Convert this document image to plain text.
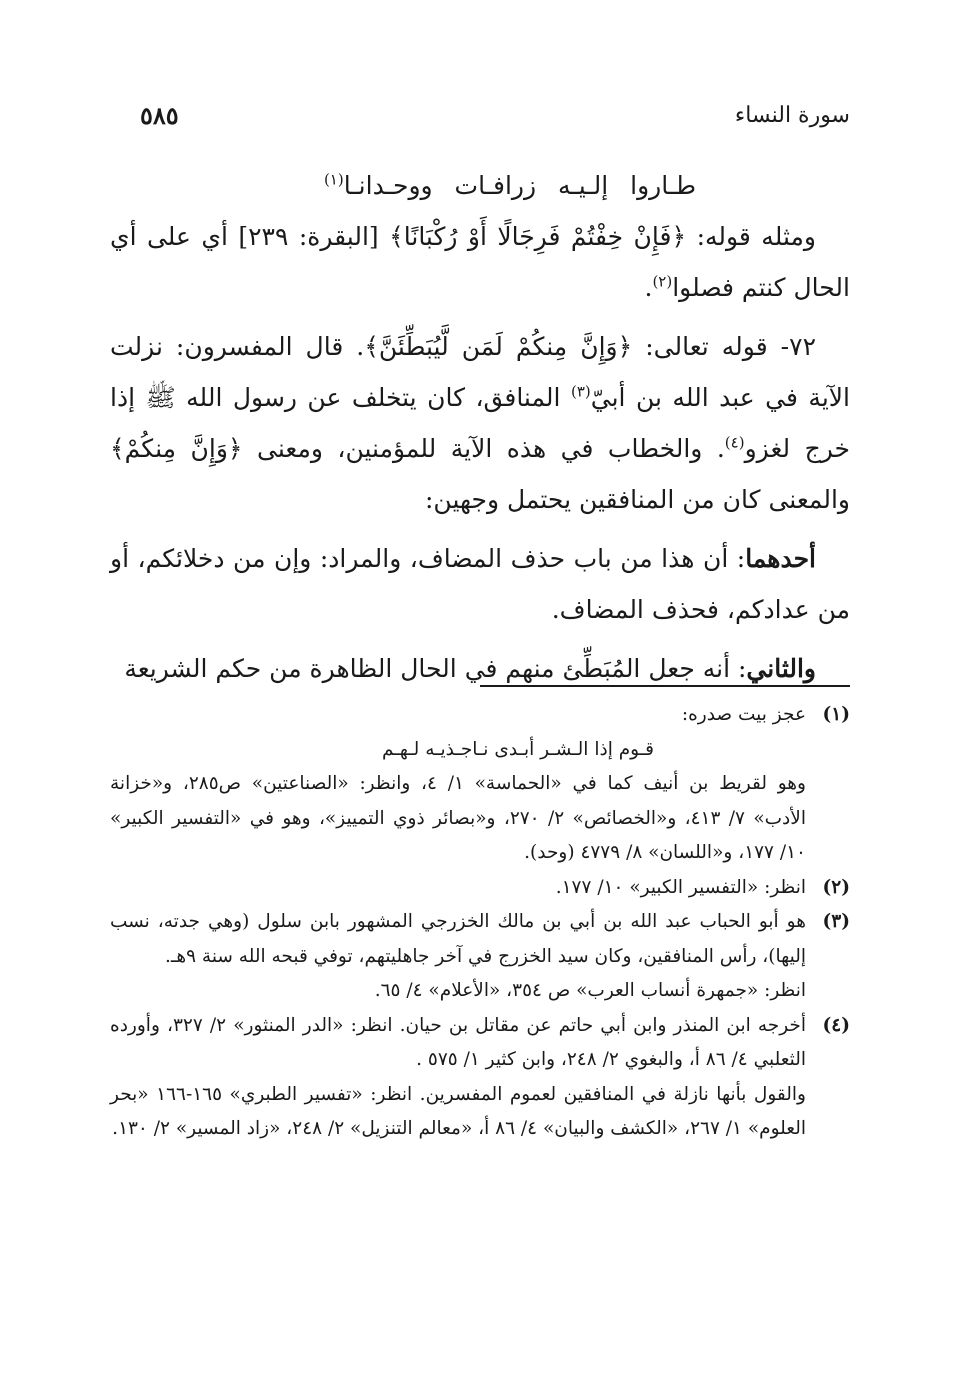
سورة النساء
٥٨٥

طـاروا إلـيـه زرافـات ووحـدانـا$^{(١)}$

ومثله قوله: ﴿فَإِنْ خِفْتُمْ فَرِجَالًا أَوْ رُكْبَانًا﴾ [البقرة: ٢٣٩] أي على أي الحال كنتم فصلوا$^{(٢)}$.

٧٢- قوله تعالى: ﴿وَإِنَّ مِنكُمْ لَمَن لَّيُبَطِّئَنَّ﴾. قال المفسرون: نزلت الآية في عبد الله بن أبيّ$^{(٣)}$ المنافق، كان يتخلف عن رسول الله ﷺ إذا خرج لغزو$^{(٤)}$. والخطاب في هذه الآية للمؤمنين، ومعنى ﴿وَإِنَّ مِنكُمْ﴾ والمعنى كان من المنافقين يحتمل وجهين:

أحدهما: أن هذا من باب حذف المضاف، والمراد: وإن من دخلائكم، أو من عدادكم، فحذف المضاف.

والثاني: أنه جعل المُبَطِّئ منهم في الحال الظاهرة من حكم الشريعة

(١)

عجز بيت صدره:

قـوم إذا الـشـر أبـدى نـاجـذيـه لـهـم

وهو لقريط بن أنيف كما في «الحماسة» ١/ ٤، وانظر: «الصناعتين» ص٢٨٥، و«خزانة الأدب» ٧/ ٤١٣، و«الخصائص» ٢/ ٢٧٠، و«بصائر ذوي التمييز»، وهو في «التفسير الكبير» ١٠/ ١٧٧، و«اللسان» ٨/ ٤٧٧٩ (وحد).

(٢)

انظر: «التفسير الكبير» ١٠/ ١٧٧.

(٣)

هو أبو الحباب عبد الله بن أبي بن مالك الخزرجي المشهور بابن سلول (وهي جدته، نسب إليها)، رأس المنافقين، وكان سيد الخزرج في آخر جاهليتهم، توفي قبحه الله سنة ٩هـ.

انظر: «جمهرة أنساب العرب» ص ٣٥٤، «الأعلام» ٤/ ٦٥.

(٤)

أخرجه ابن المنذر وابن أبي حاتم عن مقاتل بن حيان. انظر: «الدر المنثور» ٢/ ٣٢٧، وأورده الثعلبي ٤/ ٨٦ أ، والبغوي ٢/ ٢٤٨، وابن كثير ١/ ٥٧٥ .

والقول بأنها نازلة في المنافقين لعموم المفسرين. انظر: «تفسير الطبري» ١٦٥-١٦٦ «بحر العلوم» ١/ ٢٦٧، «الكشف والبيان» ٤/ ٨٦ أ، «معالم التنزيل» ٢/ ٢٤٨، «زاد المسير» ٢/ ١٣٠.
